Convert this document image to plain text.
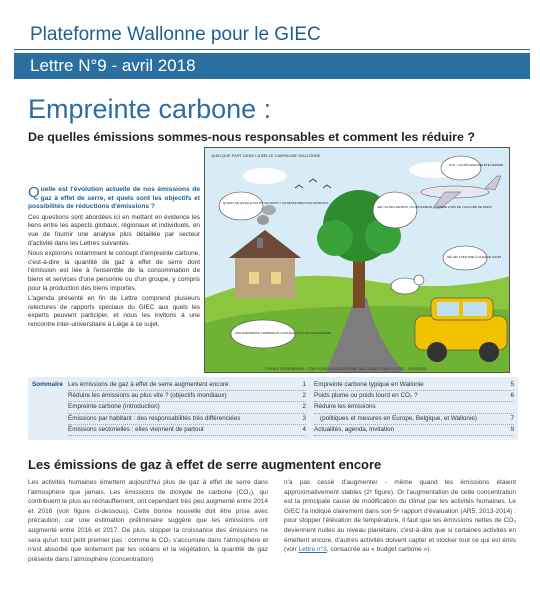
Plateforme Wallonne pour le GIEC
Lettre N°9 - avril 2018
Empreinte carbone :
De quelles émissions sommes-nous responsables et comment les réduire ?

Quelle est l'évolution actuelle de nos émissions de gaz à effet de serre, et quels sont les objectifs et possibilités de réductions d'émissions ?

Ces questions sont abordées ici en mettant en évidence les liens entre les aspects globaux, régionaux et individuels, en vue de fournir une analyse plus détaillée par secteur d'activité dans les Lettres suivantes.

Nous explorons notamment le concept d'empreinte carbone, c'est-à-dire la quantité de gaz à effet de serre dont l'émission est liée à l'ensemble de la consommation de biens et services d'une personne ou d'un groupe, y compris pour la production des biens importés.

L'agenda présenté en fin de Lettre comprend plusieurs relectures de rapports spéciaux du GIEC aux quels les experts peuvent participer, et nous les invitons à une rencontre inter-universitaire à Liège à ce sujet.

QUELQUE PART DANS LA BELLE CAMPAGNE WALLONNE
OUF ! J'AI PAS ENCORE ÉTÉ REPÉRÉ...
QU'EST-CE QU'ELLE M'A DIT CE MATIN ? ÇA RESTE BIEN D'AUJOURD'HUI...
AÏE, UN PEU DE BOIS, UN AVIONNEUR... COMME LORS DE L'ACCORD DE PARIS
HÉ! HÉ! J'VEN TIRE À CHAQUE COUP!
UNE EMPREINTE CARBONE DU COLLÈGE OÙ IL M'A CHANGÉ PAR...
© PHILETOONSBRAND...COM POUR LA PLATEFORME WALLONNE POUR LE GIEC - V3/03/2018
Sommaire Les émissions de gaz à effet de serre augmentent encore	1
Réduire les émissions au plus vite ? (objectifs mondiaux)	2
Empreinte carbone (introduction)	2
Émissions par habitant : des responsabilités très différenciées	3
Émissions sectorielles : elles viennent de partout	4
Empreinte carbone typique en Wallonie	5
Poids plume ou poids lourd en CO₂ ?	6
Réduire les émissions
(politiques et mesures en Europe, Belgique, et Wallonie)	7
Actualités, agenda, invitation	9
Les émissions de gaz à effet de serre augmentent encore
Les activités humaines émettent aujourd'hui plus de gaz à effet de serre dans l'atmosphère que jamais. Les émissions de dioxyde de carbone (CO₂), qui contribuent le plus au réchauffement, ont cependant très peu augmenté entre 2014 et 2016 (voir figure ci-dessous). Cette bonne nouvelle doit être prise avec précaution, car une estimation préliminaire suggère que les émissions ont augmenté entre 2016 et 2017. De plus, stopper la croissance des émissions ne sera qu'un tout petit premier pas : comme le CO₂ s'accumule dans l'atmosphère et n'est absorbé que lentement par les océans et la végétation, la quantité de gaz présente dans l'atmosphère (concentration)
n'a pas cessé d'augmenter - même quand les émissions étaient approximativement stables (2ᵉ figure). Or l'augmentation de cette concentration est la principale cause de modification du climat par les activités humaines. Le GIEC l'a indiqué clairement dans son 5ᵉ rapport d'évaluation (AR5, 2013-2014) : pour stopper l'élévation de température, il faut que les émissions nettes de CO₂ deviennent nulles au niveau planétaire, c'est-à-dire que si certaines activités en émettent encore, d'autres activités doivent capter et stocker tout ce qui est émis (voir Lettre n°3, consacrée au « budget carbone »).
